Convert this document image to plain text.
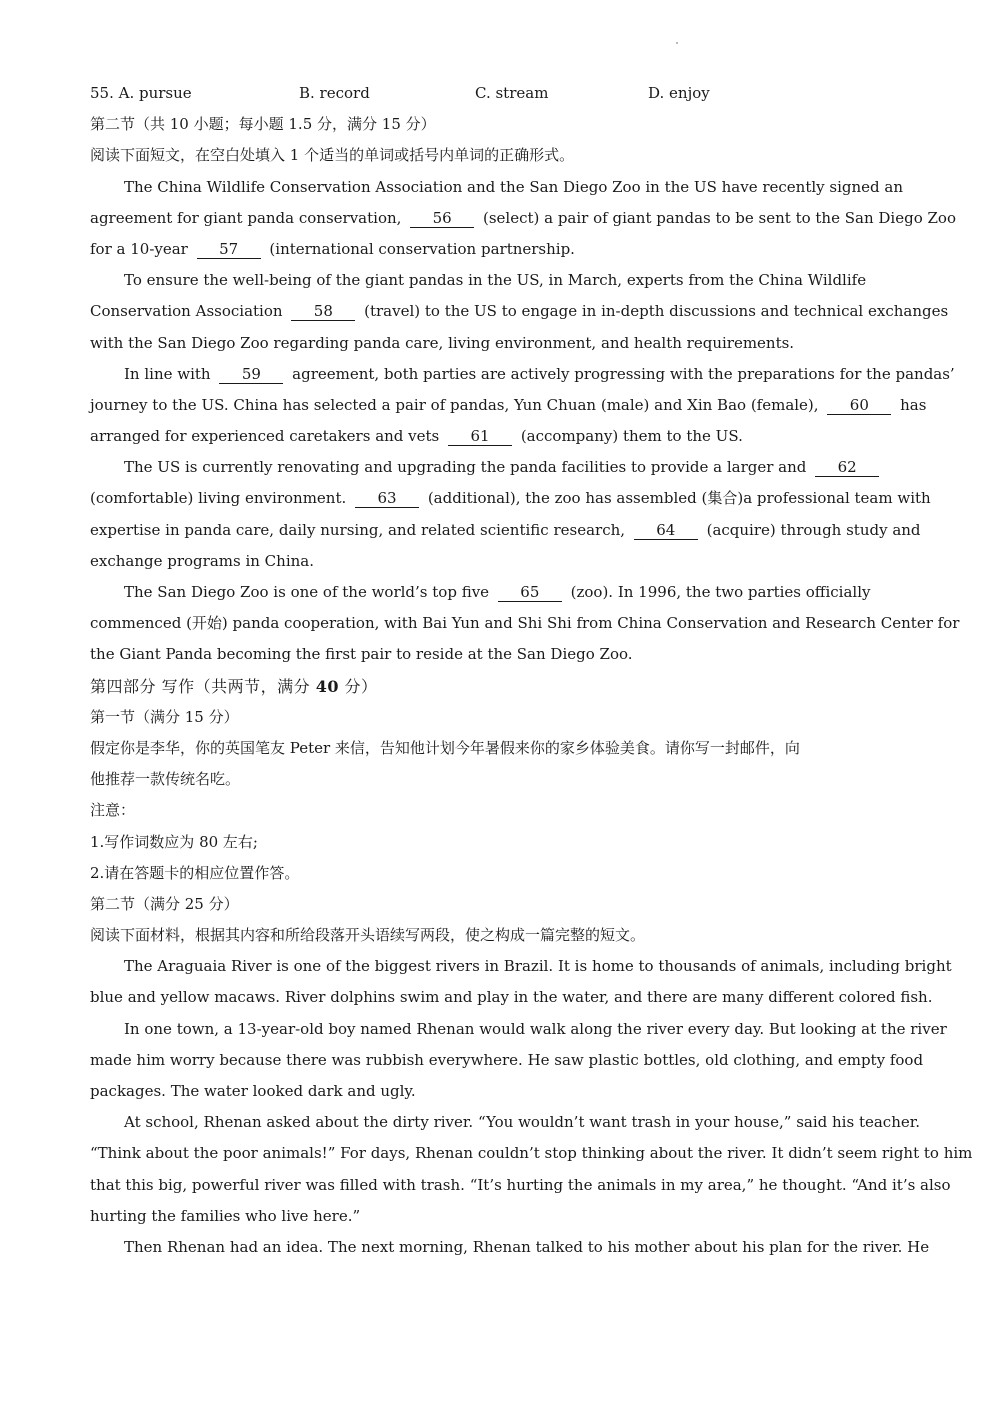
55. A. pursue	B. record	C. stream	D. enjoy
第二节（共 10 小题；每小题 1.5 分，满分 15 分）
阅读下面短文，在空白处填入 1 个适当的单词或括号内单词的正确形式。
The China Wildlife Conservation Association and the San Diego Zoo in the US have recently signed an
agreement for giant panda conservation, 56 (select) a pair of giant pandas to be sent to the San Diego Zoo
for a 10-year 57 (international conservation partnership.
To ensure the well-being of the giant pandas in the US, in March, experts from the China Wildlife
Conservation Association 58 (travel) to the US to engage in in-depth discussions and technical exchanges
with the San Diego Zoo regarding panda care, living environment, and health requirements.
In line with 59 agreement, both parties are actively progressing with the preparations for the pandas’
journey to the US. China has selected a pair of pandas, Yun Chuan (male) and Xin Bao (female), 60 has
arranged for experienced caretakers and vets 61 (accompany) them to the US.
The US is currently renovating and upgrading the panda facilities to provide a larger and 62
(comfortable) living environment. 63 (additional), the zoo has assembled (集合)a professional team with
expertise in panda care, daily nursing, and related scientific research, 64 (acquire) through study and
exchange programs in China.
The San Diego Zoo is one of the world’s top five 65 (zoo). In 1996, the two parties officially
commenced (开始) panda cooperation, with Bai Yun and Shi Shi from China Conservation and Research Center for
the Giant Panda becoming the first pair to reside at the San Diego Zoo.
第四部分 写作（共两节，满分 40 分）
第一节（满分 15 分）
假定你是李华，你的英国笔友 Peter 来信，告知他计划今年暑假来你的家乡体验美食。请你写一封邮件，向
他推荐一款传统名吃。
注意：
1.写作词数应为 80 左右;
2.请在答题卡的相应位置作答。
第二节（满分 25 分）
阅读下面材料，根据其内容和所给段落开头语续写两段，使之构成一篇完整的短文。
The Araguaia River is one of the biggest rivers in Brazil. It is home to thousands of animals, including bright
blue and yellow macaws. River dolphins swim and play in the water, and there are many different colored fish.
In one town, a 13-year-old boy named Rhenan would walk along the river every day. But looking at the river
made him worry because there was rubbish everywhere. He saw plastic bottles, old clothing, and empty food
packages. The water looked dark and ugly.
At school, Rhenan asked about the dirty river. “You wouldn’t want trash in your house,” said his teacher.
“Think about the poor animals!” For days, Rhenan couldn’t stop thinking about the river. It didn’t seem right to him
that this big, powerful river was filled with trash. “It’s hurting the animals in my area,” he thought. “And it’s also
hurting the families who live here.”
Then Rhenan had an idea. The next morning, Rhenan talked to his mother about his plan for the river. He
